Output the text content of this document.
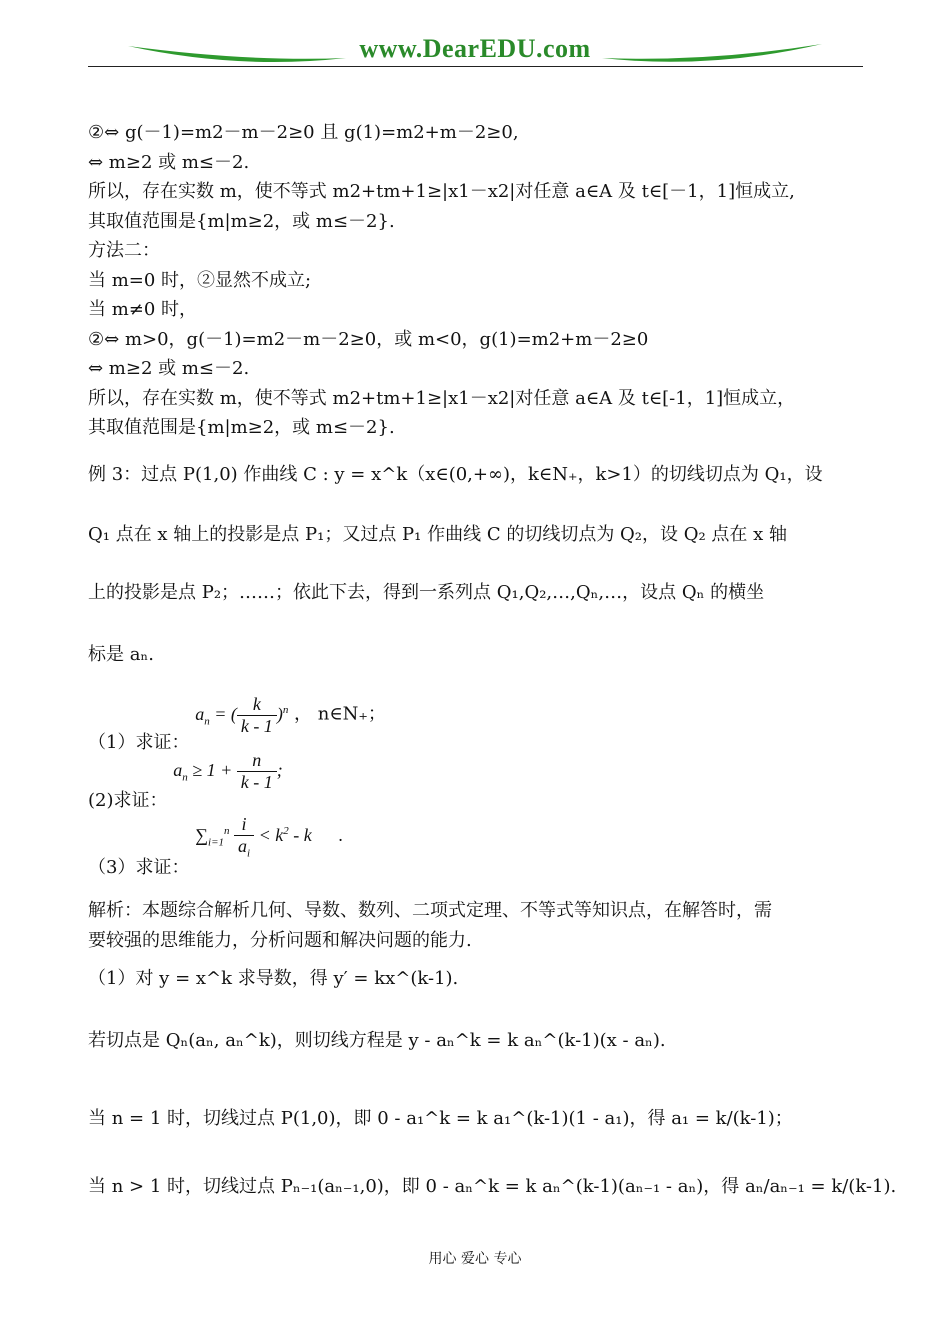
www.DearEDU.com

②⇔ g(－1)=m2－m－2≥0 且 g(1)=m2+m－2≥0,

⇔ m≥2 或 m≤－2.

所以，存在实数 m，使不等式 m2+tm+1≥|x1－x2|对任意 a∈A 及 t∈[－1，1]恒成立,

其取值范围是{m|m≥2，或 m≤－2}.

方法二：

当 m=0 时，②显然不成立;

当 m≠0 时，

②⇔ m>0，g(－1)=m2－m－2≥0，或 m<0，g(1)=m2+m－2≥0

⇔ m≥2 或 m≤－2.

所以，存在实数 m，使不等式 m2+tm+1≥|x1－x2|对任意 a∈A 及 t∈[-1，1]恒成立，

其取值范围是{m|m≥2，或 m≤－2}.

例 3：过点 P(1,0) 作曲线 C : y = x^k（x∈(0,+∞)，k∈N₊，k>1）的切线切点为 Q₁，设
Q₁ 点在 x 轴上的投影是点 P₁；又过点 P₁ 作曲线 C 的切线切点为 Q₂，设 Q₂ 点在 x 轴
上的投影是点 P₂；……；依此下去，得到一系列点 Q₁,Q₂,…,Qₙ,…，设点 Qₙ 的横坐
标是 aₙ.
（1）求证： $a_n$ = ( $\frac{k}{k - 1} )^n$ ， n∈N₊；
(2)求证： $a_n \ge 1 + \frac{n}{k - 1}$ ;
（3）求证： $\sum_{i=1}^n \frac{i}{a_i} < k^2 - k$      .
解析：本题综合解析几何、导数、数列、二项式定理、不等式等知识点，在解答时，需
要较强的思维能力，分析问题和解决问题的能力.
（1）对 y = x^k 求导数，得 y′ = kx^(k-1).
若切点是 Qₙ(aₙ, aₙ^k)，则切线方程是 y - aₙ^k = k aₙ^(k-1)(x - aₙ).
当 n = 1 时，切线过点 P(1,0)，即 0 - a₁^k = k a₁^(k-1)(1 - a₁)，得 a₁ = k/(k-1)；
当 n > 1 时，切线过点 Pₙ₋₁(aₙ₋₁,0)，即 0 - aₙ^k = k aₙ^(k-1)(aₙ₋₁ - aₙ)，得 aₙ/aₙ₋₁ = k/(k-1).
用心 爱心 专心
